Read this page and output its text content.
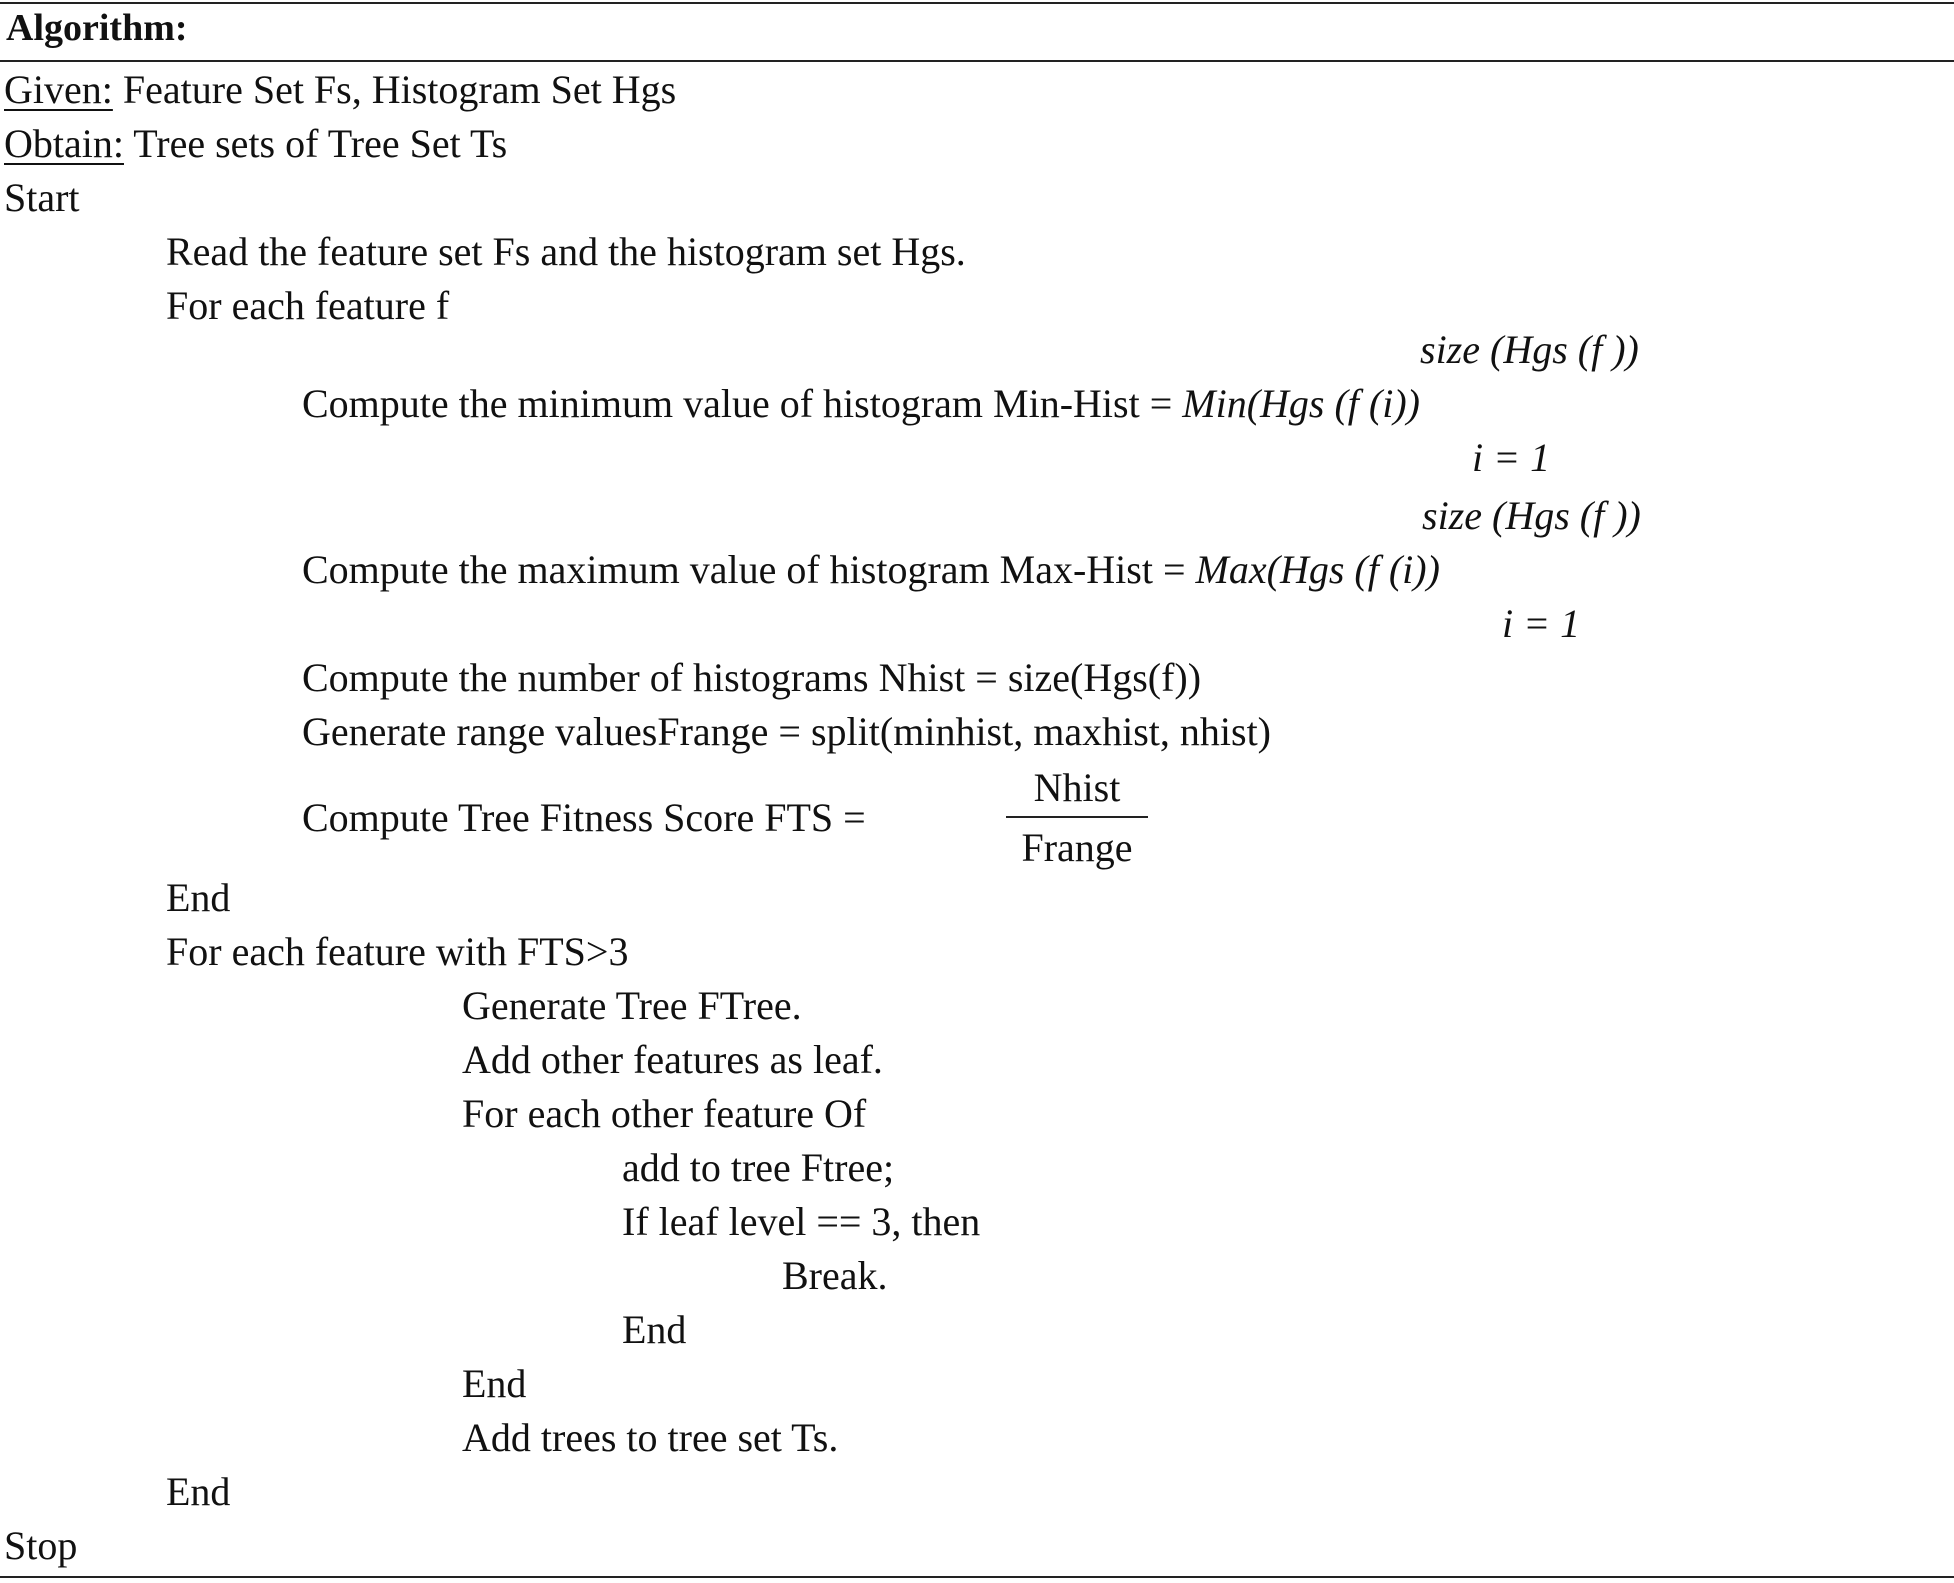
Algorithm:
Given: Feature Set Fs, Histogram Set Hgs
Obtain: Tree sets of Tree Set Ts
Start
Read the feature set Fs and the histogram set Hgs.
For each feature f
size (Hgs (f ))
Compute the minimum value of histogram Min-Hist = Min(Hgs (f (i))
i = 1
size (Hgs (f ))
Compute the maximum value of histogram Max-Hist = Max(Hgs (f (i))
i = 1
Compute the number of histograms Nhist = size(Hgs(f))
Generate range valuesFrange = split(minhist, maxhist, nhist)
Compute Tree Fitness Score FTS =
Nhist
Frange
End
For each feature with FTS>3
Generate Tree FTree.
Add other features as leaf.
For each other feature Of
add to tree Ftree;
If leaf level == 3, then
Break.
End
End
Add trees to tree set Ts.
End
Stop
